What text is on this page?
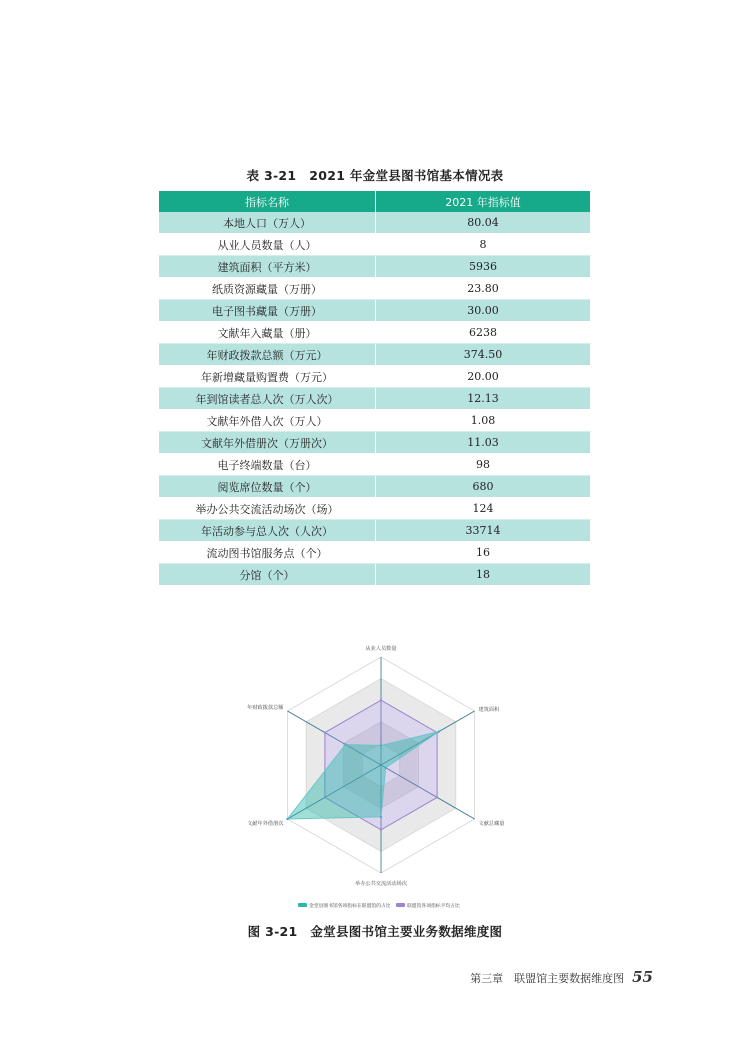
表 3-21　2021 年金堂县图书馆基本情况表
指标名称	2021 年指标值
本地人口（万人）	80.04
从业人员数量（人）	8
建筑面积（平方米）	5936
纸质资源藏量（万册）	23.80
电子图书藏量（万册）	30.00
文献年入藏量（册）	6238
年财政拨款总额（万元）	374.50
年新增藏量购置费（万元）	20.00
年到馆读者总人次（万人次）	12.13
文献年外借人次（万人）	1.08
文献年外借册次（万册次）	11.03
电子终端数量（台）	98
阅览席位数量（个）	680
举办公共交流活动场次（场）	124
年活动参与总人次（人次）	33714
流动图书馆服务点（个）	16
分馆（个）	18
从业人员数量
建筑面积
文献总藏量
举办公共交流活动场次
文献年外借册次
年财政拨款总额
金堂县图书馆各项指标在联盟馆的占比	联盟馆各项指标平均占比
图 3-21　金堂县图书馆主要业务数据维度图
第三章　联盟馆主要数据维度图 55
